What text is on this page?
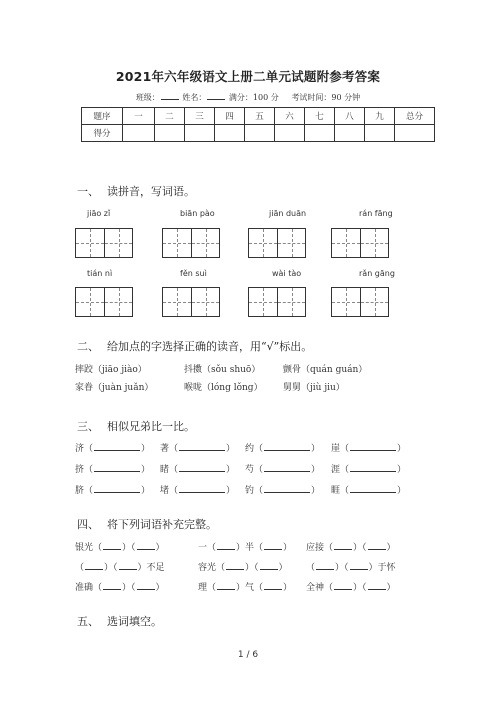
2021年六年级语文上册二单元试题附参考答案
班级：	姓名：	满分：100 分 考试时间：90 分钟
题序	一	二	三	四	五	六	七	八	九	总分
得分										
一、 读拼音，写词语。
jiāo zǐ	biān pào	jiān duān	rán fāng
tián nì	fěn suì	wài tào	rǎn gāng
二、 给加点的字选择正确的读音，用“√”标出。
摔跤（jiāo jiào）	抖擞（sǒu shuō）	颤骨（quán guán）
家眷（juàn juǎn）	喉咙（lóng lǒng） 舅舅（jiù jiu）
三、 相似兄弟比一比。
济（	） 著（	） 约（	） 崖（	）
挤（	） 睹（	） 芍（	） 涯（	）
脐（	） 堵（	） 钓（	） 睚（	）
四、 将下列词语补充完整。
银光（ ）（ ）	一（ ）半（ ） 应接（ ）（ ）
（ ）（ ）不足	容光（ ）（ ） （ ）（ ）于怀
准确（ ）（ ）	理（ ）气（ ） 全神（ ）（ ）
五、 选词填空。
1 / 6
